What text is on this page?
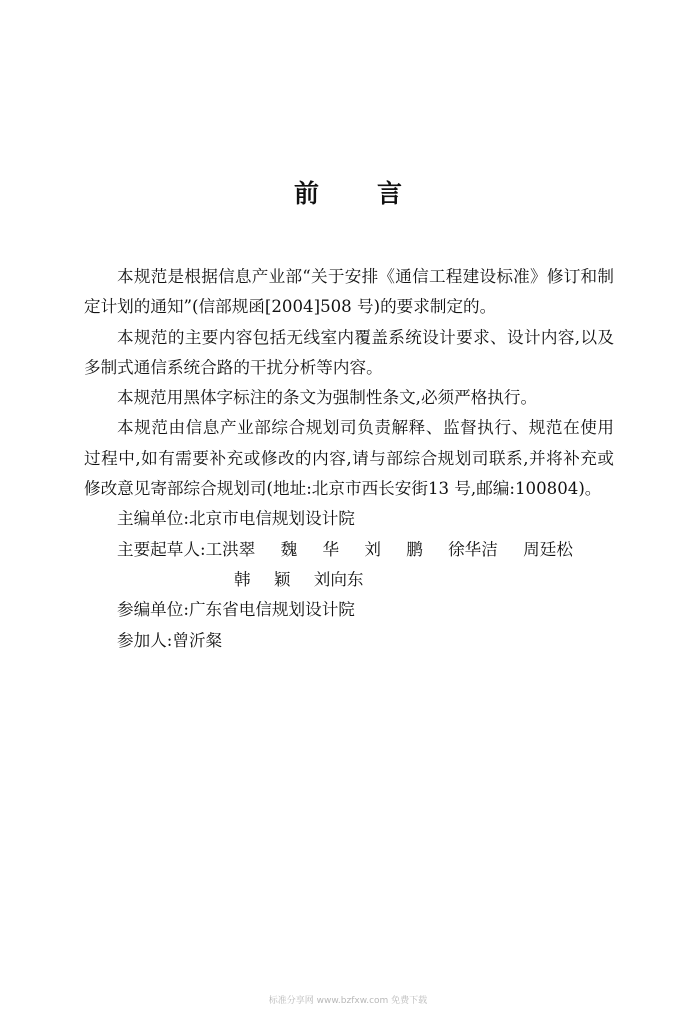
前 言

本规范是根据信息产业部“关于安排《通信工程建设标准》修订和制定计划的通知”(信部规函[2004]508 号)的要求制定的。

本规范的主要内容包括无线室内覆盖系统设计要求、设计内容,以及多制式通信系统合路的干扰分析等内容。

本规范用黑体字标注的条文为强制性条文,必须严格执行。

本规范由信息产业部综合规划司负责解释、监督执行、规范在使用过程中,如有需要补充或修改的内容,请与部综合规划司联系,并将补充或修改意见寄部综合规划司(地址:北京市西长安街13 号,邮编:100804)。

主编单位:北京市电信规划设计院

主要起草人:工洪翠 魏 华 刘 鹏 徐华洁 周廷松

韩 颖 刘向东

参编单位:广东省电信规划设计院

参加人:曾沂粲

标准分享网 www.bzfxw.com 免费下载
